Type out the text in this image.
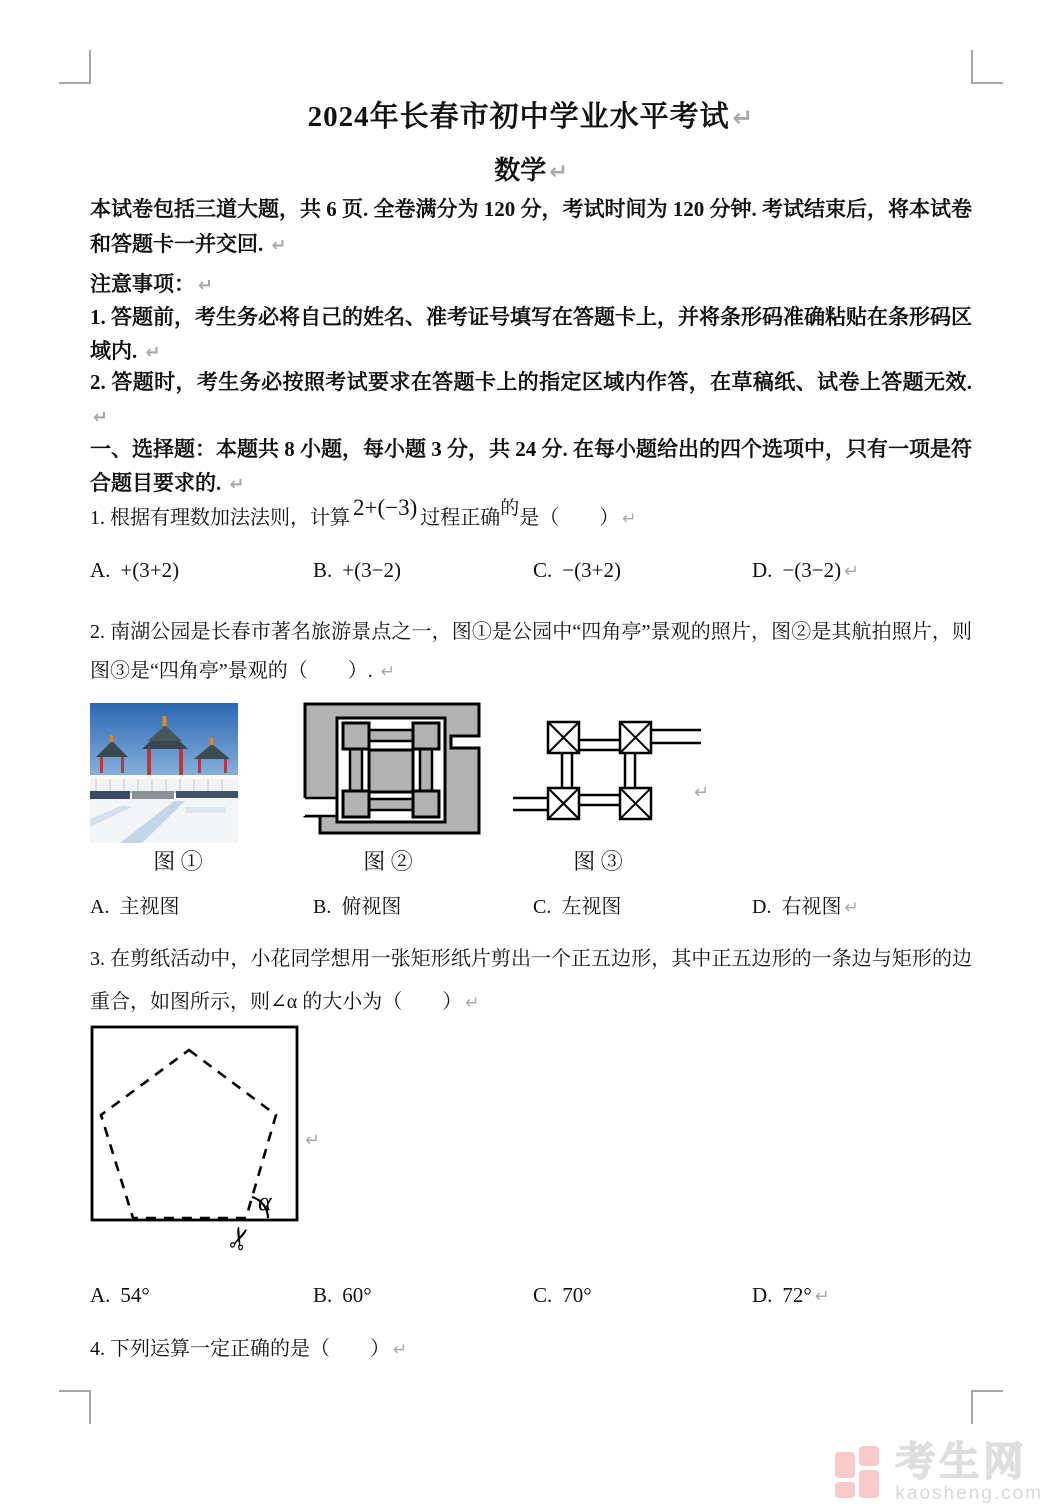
2024年长春市初中学业水平考试 ↵
数学 ↵

本试卷包括三道大题，共 6 页. 全卷满分为 120 分，考试时间为 120 分钟. 考试结束后，将本试卷和答题卡一并交回. ↵

注意事项： ↵

1. 答题前，考生务必将自己的姓名、准考证号填写在答题卡上，并将条形码准确粘贴在条形码区域内. ↵

2. 答题时，考生务必按照考试要求在答题卡上的指定区域内作答，在草稿纸、试卷上答题无效. ↵

一、选择题：本题共 8 小题，每小题 3 分，共 24 分. 在每小题给出的四个选项中，只有一项是符合题目要求的. ↵

1. 根据有理数加法法则，计算 2+(−3) 过程正确的是（　　） ↵

A. +(3+2)	B. +(3−2)	C. −(3+2)	D. −(3−2) ↵

2. 南湖公园是长春市著名旅游景点之一，图①是公园中“四角亭”景观的照片，图②是其航拍照片，则图③是“四角亭”景观的（　　）. ↵

↵
图 ①	图 ②	图 ③
A. 主视图	B. 俯视图	C. 左视图	D. 右视图 ↵

3. 在剪纸活动中，小花同学想用一张矩形纸片剪出一个正五边形，其中正五边形的一条边与矩形的边重合，如图所示，则∠α 的大小为（　　） ↵

α
✂
↵
A. 54°	B. 60°	C. 70°	D. 72° ↵

4. 下列运算一定正确的是（　　） ↵

考生网
kaosheng.com
